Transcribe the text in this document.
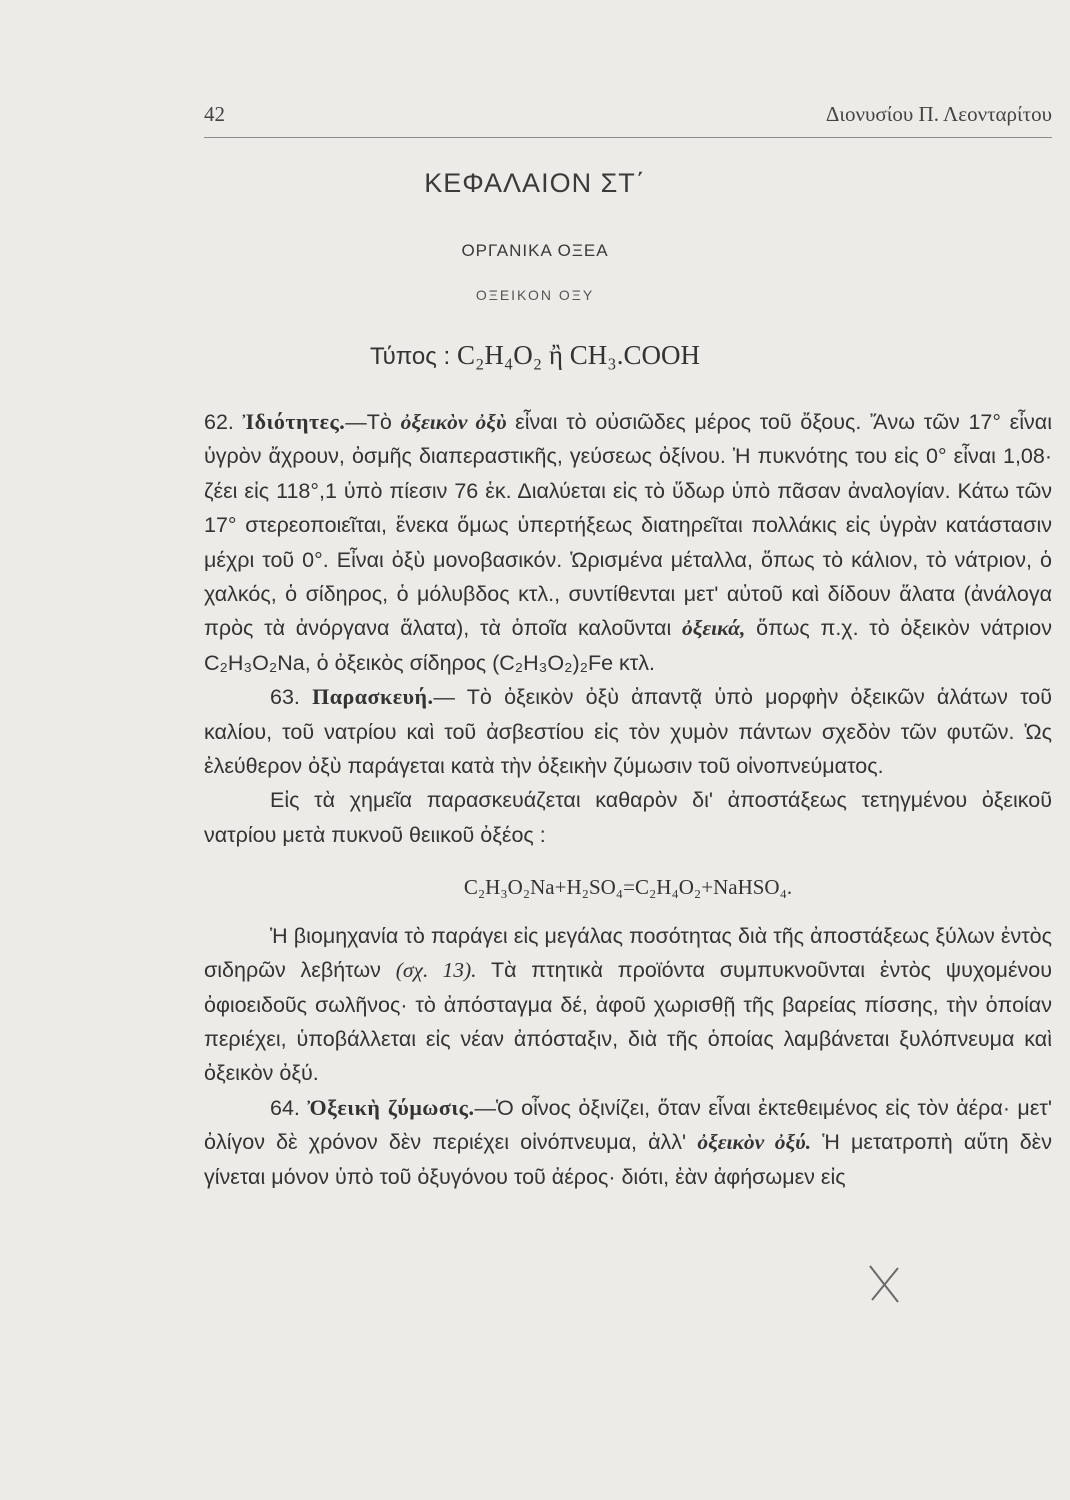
42	Διονυσίου Π. Λεονταρίτου
ΚΕΦΑΛΑΙΟΝ ΣΤ΄
ΟΡΓΑΝΙΚΑ ΟΞΕΑ
ΟΞΕΙΚΟΝ ΟΞΥ
Τύπος : C₂H₄O₂ ἢ CH₃.COOH

62. Ἰδιότητες.—Τὸ ὀξεικὸν ὀξὺ εἶναι τὸ οὐσιῶδες μέρος τοῦ ὄξους. Ἄνω τῶν 17° εἶναι ὑγρὸν ἄχρουν, ὀσμῆς διαπεραστικῆς, γεύσεως ὀξίνου. Ἡ πυκνότης του εἰς 0° εἶναι 1,08· ζέει εἰς 118°,1 ὑπὸ πίεσιν 76 ἑκ. Διαλύεται εἰς τὸ ὕδωρ ὑπὸ πᾶσαν ἀναλογίαν. Κάτω τῶν 17° στερεοποιεῖται, ἕνεκα ὅμως ὑπερτήξεως διατηρεῖται πολλάκις εἰς ὑγρὰν κατάστασιν μέχρι τοῦ 0°. Εἶναι ὀξὺ μονοβασικόν. Ὡρισμένα μέταλλα, ὅπως τὸ κάλιον, τὸ νάτριον, ὁ χαλκός, ὁ σίδηρος, ὁ μόλυβδος κτλ., συντίθενται μετ' αὐτοῦ καὶ δίδουν ἅλατα (ἀνάλογα πρὸς τὰ ἀνόργανα ἅλατα), τὰ ὁποῖα καλοῦνται ὀξεικά, ὅπως π.χ. τὸ ὀξεικὸν νάτριον C₂H₃O₂Na, ὁ ὀξεικὸς σίδηρος (C₂H₃O₂)₂Fe κτλ.

63. Παρασκευή.— Τὸ ὀξεικὸν ὀξὺ ἀπαντᾷ ὑπὸ μορφὴν ὀξεικῶν ἁλάτων τοῦ καλίου, τοῦ νατρίου καὶ τοῦ ἀσβεστίου εἰς τὸν χυμὸν πάντων σχεδὸν τῶν φυτῶν. Ὡς ἐλεύθερον ὀξὺ παράγεται κατὰ τὴν ὀξεικὴν ζύμωσιν τοῦ οἰνοπνεύματος.

Εἰς τὰ χημεῖα παρασκευάζεται καθαρὸν δι' ἀποστάξεως τετηγμένου ὀξεικοῦ νατρίου μετὰ πυκνοῦ θειικοῦ ὀξέος :

C₂H₃O₂Na+H₂SO₄=C₂H₄O₂+NaHSO₄.

Ἡ βιομηχανία τὸ παράγει εἰς μεγάλας ποσότητας διὰ τῆς ἀποστάξεως ξύλων ἐντὸς σιδηρῶν λεβήτων (σχ. 13). Τὰ πτητικὰ προϊόντα συμπυκνοῦνται ἐντὸς ψυχομένου ὀφιοειδοῦς σωλῆνος· τὸ ἀπόσταγμα δέ, ἀφοῦ χωρισθῇ τῆς βαρείας πίσσης, τὴν ὁποίαν περιέχει, ὑποβάλλεται εἰς νέαν ἀπόσταξιν, διὰ τῆς ὁποίας λαμβάνεται ξυλόπνευμα καὶ ὀξεικὸν ὀξύ.

64. Ὀξεικὴ ζύμωσις.—Ὁ οἶνος ὀξινίζει, ὅταν εἶναι ἐκτεθειμένος εἰς τὸν ἀέρα· μετ' ὀλίγον δὲ χρόνον δὲν περιέχει οἰνόπνευμα, ἀλλ' ὀξεικὸν ὀξύ. Ἡ μετατροπὴ αὕτη δὲν γίνεται μόνον ὑπὸ τοῦ ὀξυγόνου τοῦ ἀέρος· διότι, ἐὰν ἀφήσωμεν εἰς
